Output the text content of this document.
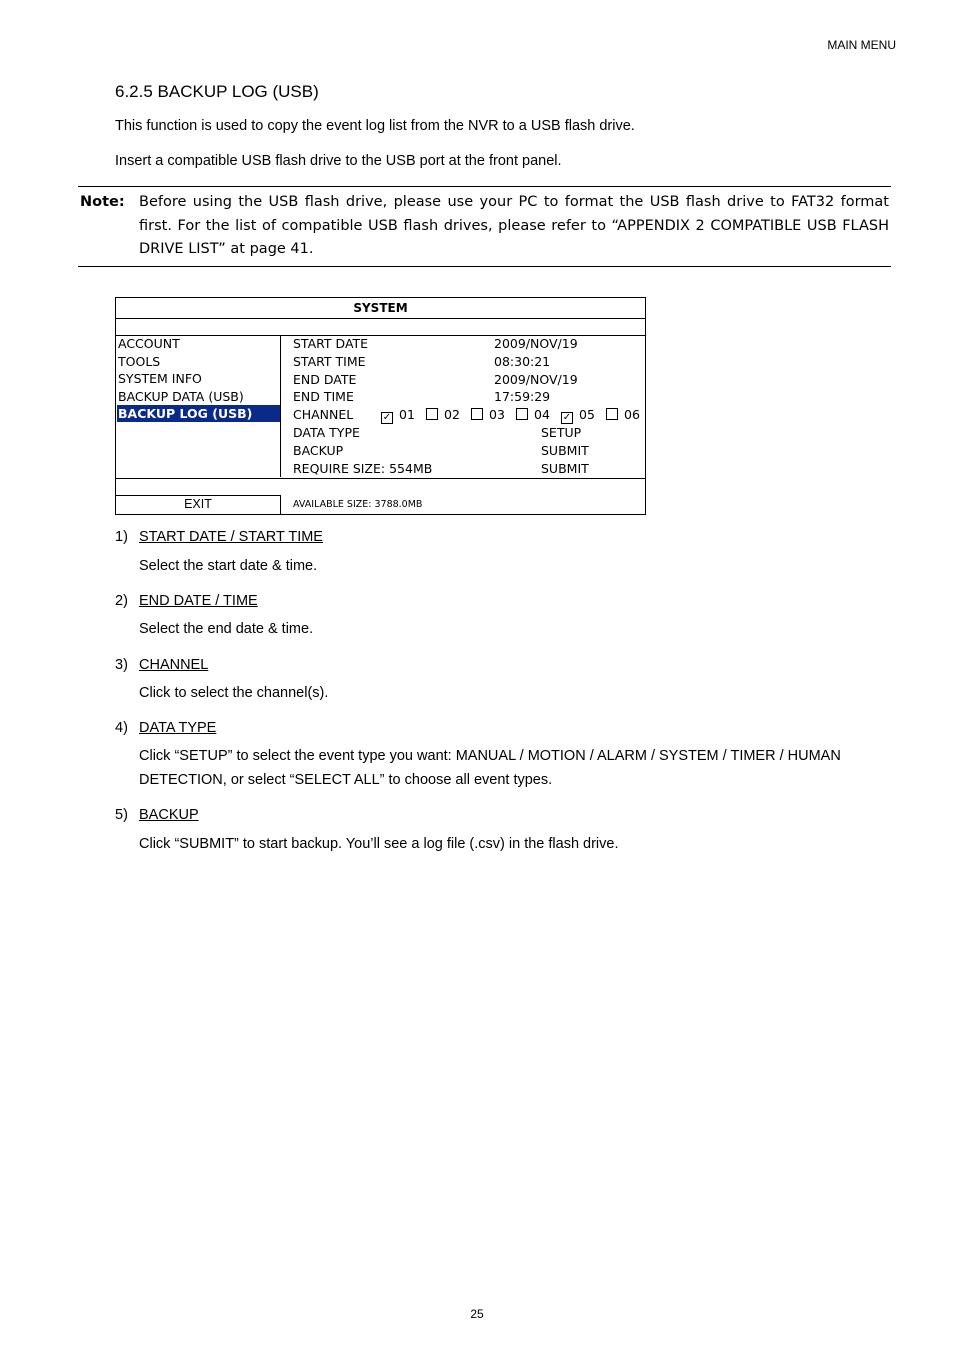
MAIN MENU
6.2.5 BACKUP LOG (USB)
This function is used to copy the event log list from the NVR to a USB flash drive.
Insert a compatible USB flash drive to the USB port at the front panel.
Note: Before using the USB flash drive, please use your PC to format the USB flash drive to FAT32 format first. For the list of compatible USB flash drives, please refer to “APPENDIX 2 COMPATIBLE USB FLASH DRIVE LIST” at page 41.
SYSTEM
ACCOUNT
TOOLS
SYSTEM INFO
BACKUP DATA (USB)
BACKUP LOG (USB)
START DATE	2009/NOV/19
START TIME	08:30:21
END DATE	2009/NOV/19
END TIME	17:59:29
CHANNEL	✓ 01	02	03	04 ✓ 05	06
DATA TYPE	SETUP
BACKUP	SUBMIT
REQUIRE SIZE: 554MB	SUBMIT
EXIT	AVAILABLE SIZE: 3788.0MB
1) START DATE / START TIME
Select the start date & time.
2) END DATE / TIME
Select the end date & time.
3) CHANNEL
Click to select the channel(s).
4) DATA TYPE
Click “SETUP” to select the event type you want: MANUAL / MOTION / ALARM / SYSTEM / TIMER / HUMAN DETECTION, or select “SELECT ALL” to choose all event types.
5) BACKUP
Click “SUBMIT” to start backup. You’ll see a log file (.csv) in the flash drive.
25
